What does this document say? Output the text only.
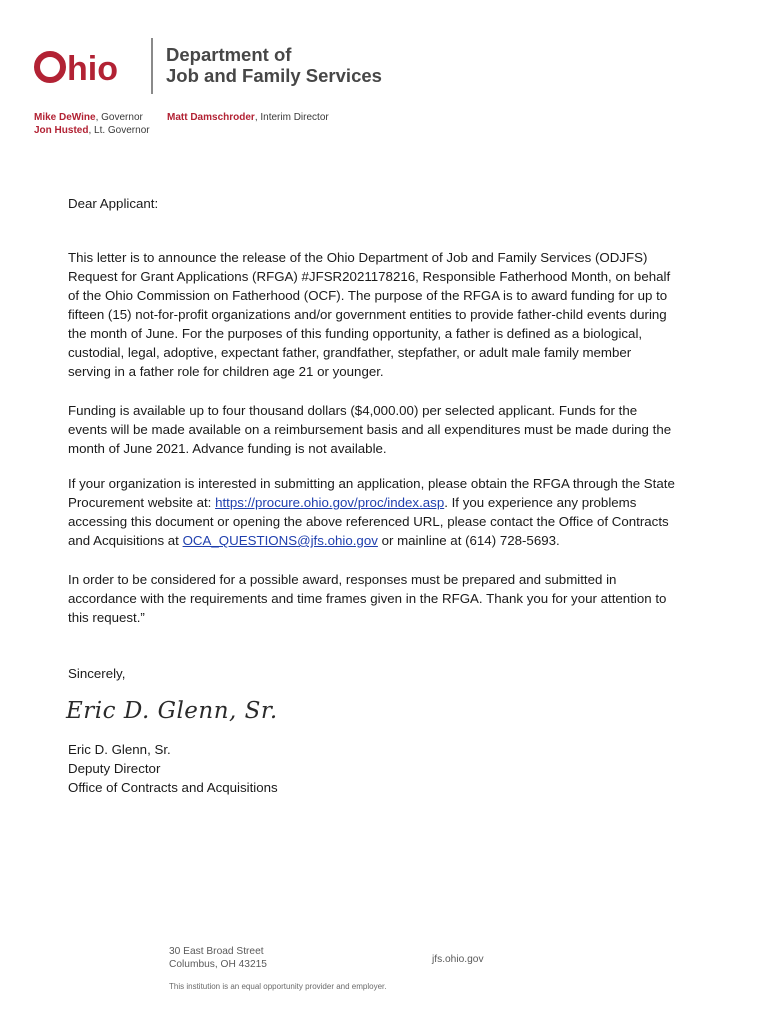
hio	Department of
Job and Family Services
Mike DeWine, Governor
Jon Husted, Lt. Governor
Matt Damschroder, Interim Director
Dear Applicant:
This letter is to announce the release of the Ohio Department of Job and Family Services (ODJFS)
Request for Grant Applications (RFGA) #JFSR2021178216, Responsible Fatherhood Month, on behalf
of the Ohio Commission on Fatherhood (OCF). The purpose of the RFGA is to award funding for up to
fifteen (15) not-for-profit organizations and/or government entities to provide father-child events during
the month of June. For the purposes of this funding opportunity, a father is defined as a biological,
custodial, legal, adoptive, expectant father, grandfather, stepfather, or adult male family member
serving in a father role for children age 21 or younger.
Funding is available up to four thousand dollars ($4,000.00) per selected applicant. Funds for the
events will be made available on a reimbursement basis and all expenditures must be made during the
month of June 2021. Advance funding is not available.
If your organization is interested in submitting an application, please obtain the RFGA through the State
Procurement website at: https://procure.ohio.gov/proc/index.asp. If you experience any problems
accessing this document or opening the above referenced URL, please contact the Office of Contracts
and Acquisitions at OCA_QUESTIONS@jfs.ohio.gov or mainline at (614) 728-5693.
In order to be considered for a possible award, responses must be prepared and submitted in
accordance with the requirements and time frames given in the RFGA. Thank you for your attention to
this request.”
Sincerely,
Eric D. Glenn, Sr.
Eric D. Glenn, Sr.
Deputy Director
Office of Contracts and Acquisitions
30 East Broad Street
Columbus, OH 43215	jfs.ohio.gov
This institution is an equal opportunity provider and employer.
